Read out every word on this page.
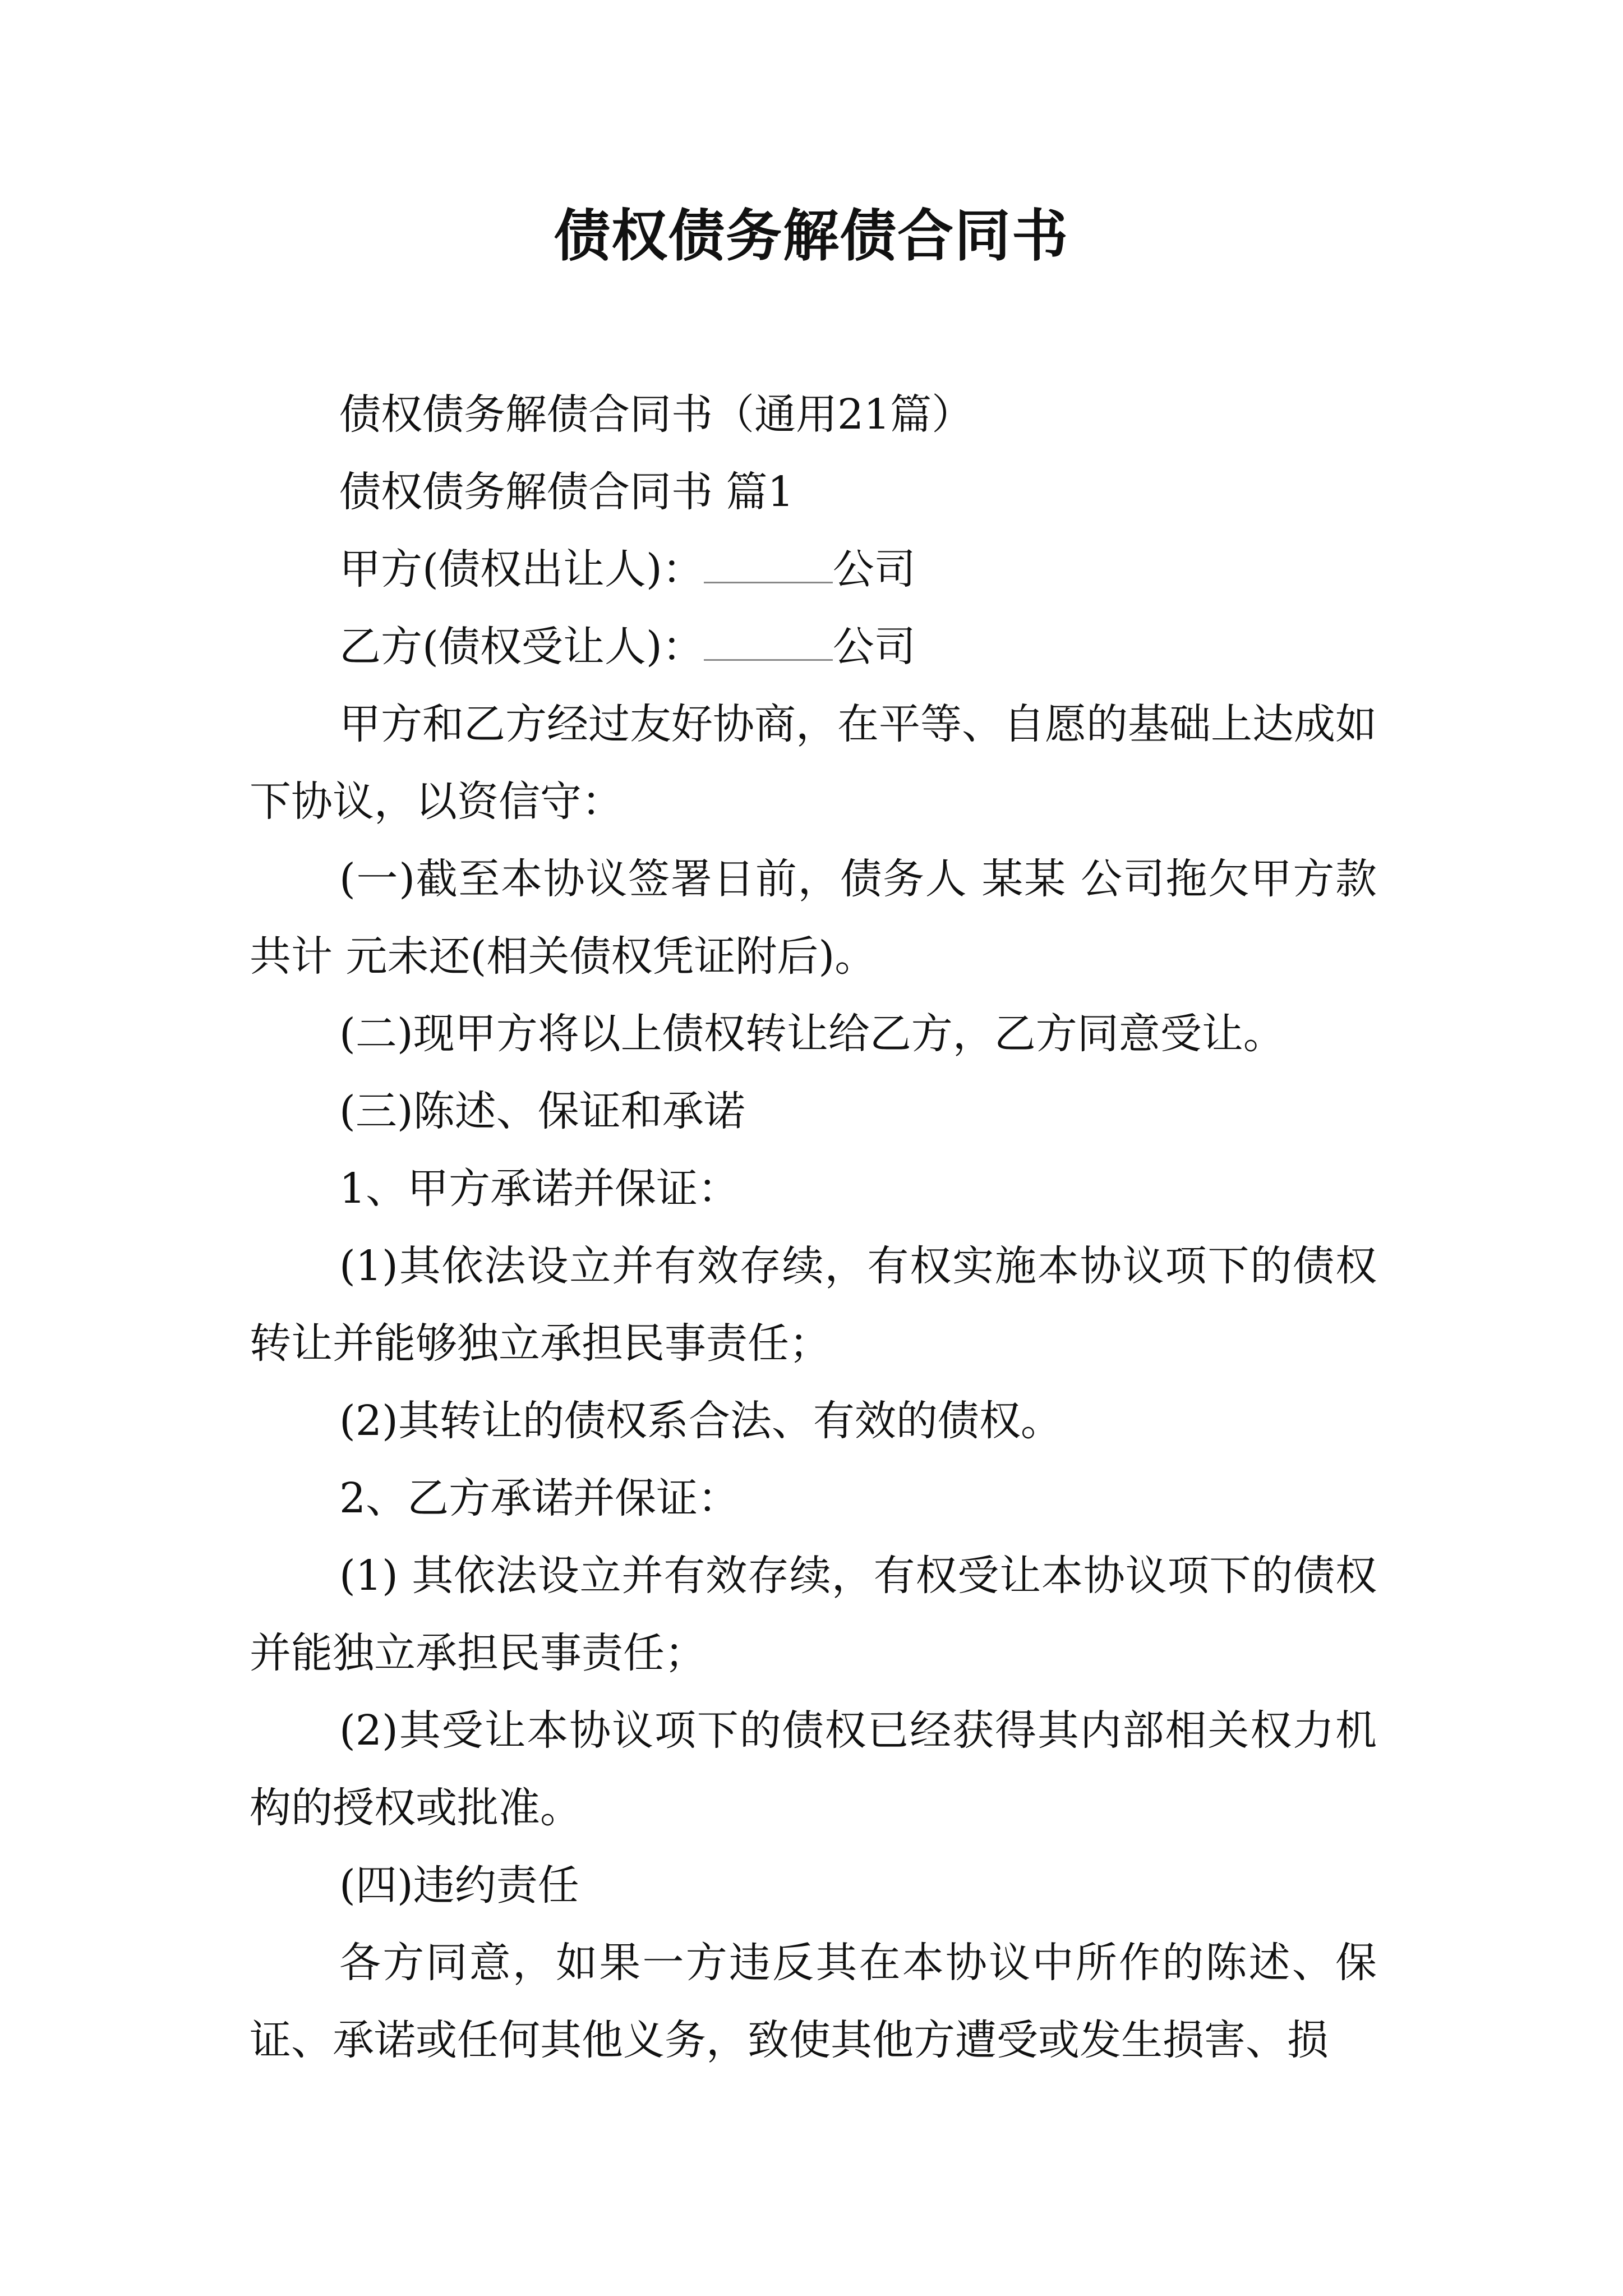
债权债务解债合同书

债权债务解债合同书（通用21篇）

债权债务解债合同书 篇1

甲方(债权出让人)：	公司

乙方(债权受让人)：	公司

甲方和乙方经过友好协商，在平等、自愿的基础上达成如下协议，以资信守：

(一)截至本协议签署日前，债务人 某某 公司拖欠甲方款共计 元未还(相关债权凭证附后)。

(二)现甲方将以上债权转让给乙方，乙方同意受让。

(三)陈述、保证和承诺

1、甲方承诺并保证：

(1)其依法设立并有效存续，有权实施本协议项下的债权转让并能够独立承担民事责任；

(2)其转让的债权系合法、有效的债权。

2、乙方承诺并保证：

(1) 其依法设立并有效存续，有权受让本协议项下的债权并能独立承担民事责任；

(2)其受让本协议项下的债权已经获得其内部相关权力机构的授权或批准。

(四)违约责任

各方同意，如果一方违反其在本协议中所作的陈述、保证、承诺或任何其他义务，致使其他方遭受或发生损害、损
